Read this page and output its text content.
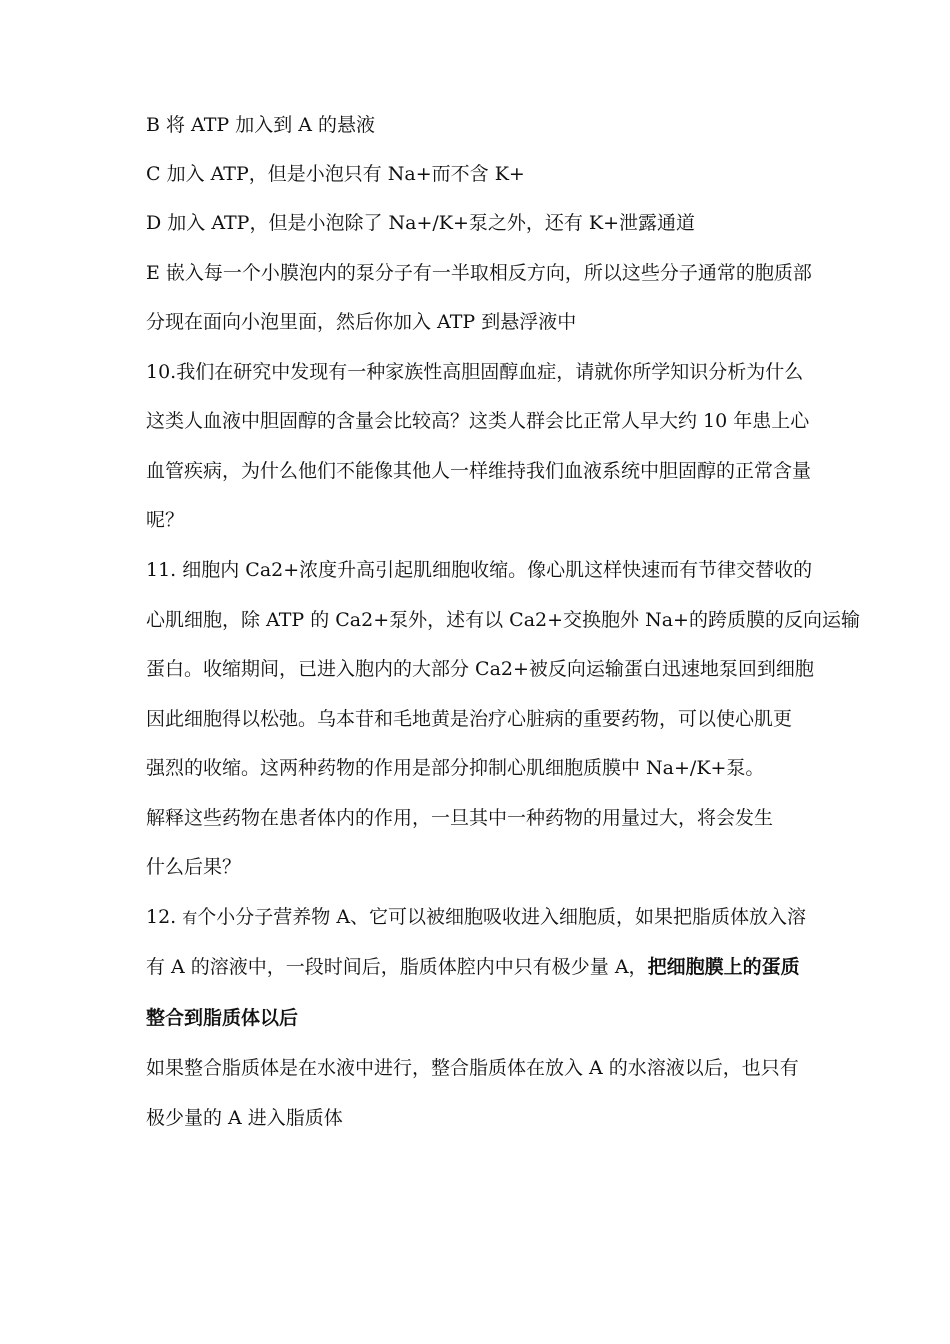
B 将 ATP 加入到 A 的悬液

C 加入 ATP，但是小泡只有 Na+而不含 K+

D 加入 ATP，但是小泡除了 Na+/K+泵之外，还有 K+泄露通道

E 嵌入每一个小膜泡内的泵分子有一半取相反方向，所以这些分子通常的胞质部

分现在面向小泡里面，然后你加入 ATP 到悬浮液中

10.我们在研究中发现有一种家族性高胆固醇血症，请就你所学知识分析为什么

这类人血液中胆固醇的含量会比较高？这类人群会比正常人早大约 10 年患上心

血管疾病，为什么他们不能像其他人一样维持我们血液系统中胆固醇的正常含量

呢？

11. 细胞内 Ca2+浓度升高引起肌细胞收缩。像心肌这样快速而有节律交替收的

心肌细胞，除 ATP 的 Ca2+泵外，述有以 Ca2+交换胞外 Na+的跨质膜的反向运输

蛋白。收缩期间，已进入胞内的大部分 Ca2+被反向运输蛋白迅速地泵回到细胞

因此细胞得以松弛。乌本苷和毛地黄是治疗心脏病的重要药物，可以使心肌更

强烈的收缩。这两种药物的作用是部分抑制心肌细胞质膜中 Na+/K+泵。

解释这些药物在患者体内的作用，一旦其中一种药物的用量过大，将会发生

什么后果？

12. 有个小分子营养物 A、它可以被细胞吸收进入细胞质，如果把脂质体放入溶

有 A 的溶液中，一段时间后，脂质体腔内中只有极少量 A，把细胞膜上的蛋质

整合到脂质体以后

如果整合脂质体是在水液中进行，整合脂质体在放入 A 的水溶液以后，也只有

极少量的 A 进入脂质体
